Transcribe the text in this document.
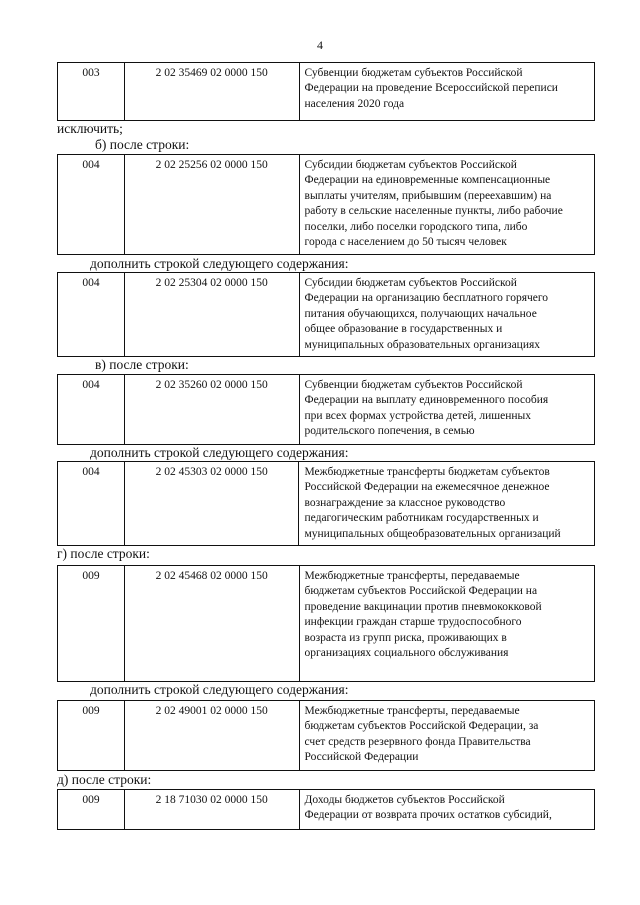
4
003	2 02 35469 02 0000 150	Субвенции бюджетам субъектов Российской
Федерации на проведение Всероссийской переписи
населения 2020 года
исключить;
б) после строки:
004	2 02 25256 02 0000 150	Субсидии бюджетам субъектов Российской
Федерации на единовременные компенсационные
выплаты учителям, прибывшим (переехавшим) на
работу в сельские населенные пункты, либо рабочие
поселки, либо поселки городского типа, либо
города с населением до 50 тысяч человек
дополнить строкой следующего содержания:
004	2 02 25304 02 0000 150	Субсидии бюджетам субъектов Российской
Федерации на организацию бесплатного горячего
питания обучающихся, получающих начальное
общее образование в государственных и
муниципальных образовательных организациях
в) после строки:
004	2 02 35260 02 0000 150	Субвенции бюджетам субъектов Российской
Федерации на выплату единовременного пособия
при всех формах устройства детей, лишенных
родительского попечения, в семью
дополнить строкой следующего содержания:
004	2 02 45303 02 0000 150	Межбюджетные трансферты бюджетам субъектов
Российской Федерации на ежемесячное денежное
вознаграждение за классное руководство
педагогическим работникам государственных и
муниципальных общеобразовательных организаций
г) после строки:
009	2 02 45468 02 0000 150	Межбюджетные трансферты, передаваемые
бюджетам субъектов Российской Федерации на
проведение вакцинации против пневмококковой
инфекции граждан старше трудоспособного
возраста из групп риска, проживающих в
организациях социального обслуживания
дополнить строкой следующего содержания:
009	2 02 49001 02 0000 150	Межбюджетные трансферты, передаваемые
бюджетам субъектов Российской Федерации, за
счет средств резервного фонда Правительства
Российской Федерации
д) после строки:
009	2 18 71030 02 0000 150	Доходы бюджетов субъектов Российской
Федерации от возврата прочих остатков субсидий,
